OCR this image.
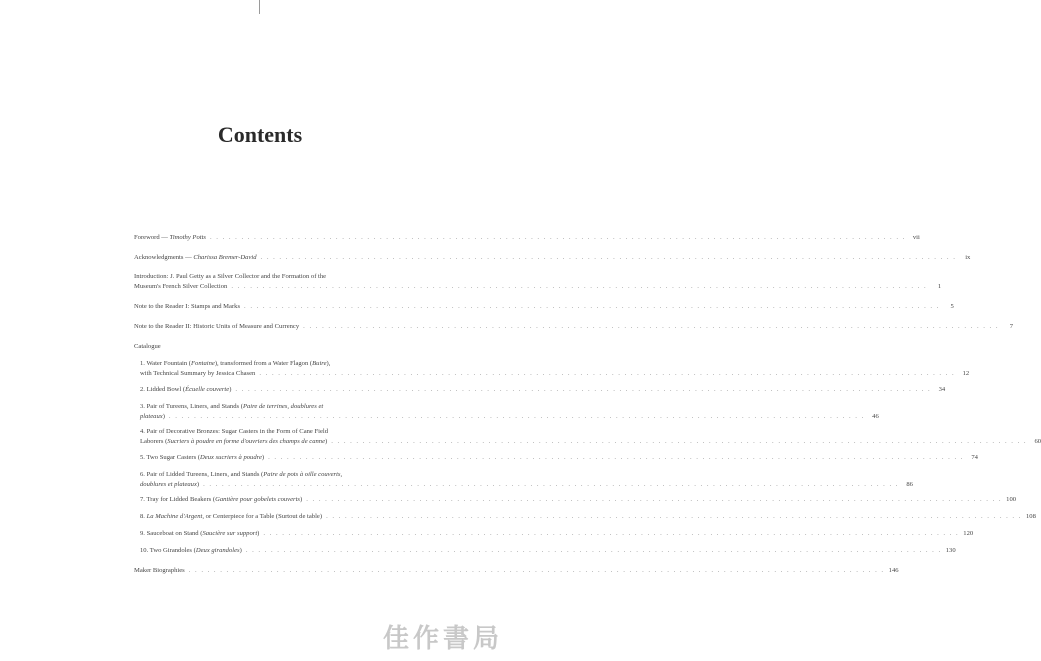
Contents
Foreword — Timothy Potts . . . . . . . . . . . . . . . . . . . . . . . . . . . . . . . . . . . . . . . . . . . . . . . . . . . . . . . . . . . . . . . . . . . . . . . . . . . . . . . . . . . . . . . . . . . . . . . . . . . . . . . . . . . . . . .	vii
Acknowledgments — Charissa Bremer-David . . . . . . . . . . . . . . . . . . . . . . . . . . . . . . . . . . . . . . . . . . . . . . . . . . . . . . . . . . . . . . . . . . . . . . . . . . . . . . . . . . . . . . . . . . . . . . . . . . . . . . . . . . . . . . .	ix
Introduction: J. Paul Getty as a Silver Collector and the Formation of the
Museum's French Silver Collection . . . . . . . . . . . . . . . . . . . . . . . . . . . . . . . . . . . . . . . . . . . . . . . . . . . . . . . . . . . . . . . . . . . . . . . . . . . . . . . . . . . . . . . . . . . . . . . . . . . . . . . . . . . . . . .	1
Note to the Reader I: Stamps and Marks . . . . . . . . . . . . . . . . . . . . . . . . . . . . . . . . . . . . . . . . . . . . . . . . . . . . . . . . . . . . . . . . . . . . . . . . . . . . . . . . . . . . . . . . . . . . . . . . . . . . . . . . . . . . . . .	5
Note to the Reader II: Historic Units of Measure and Currency . . . . . . . . . . . . . . . . . . . . . . . . . . . . . . . . . . . . . . . . . . . . . . . . . . . . . . . . . . . . . . . . . . . . . . . . . . . . . . . . . . . . . . . . . . . . . . . . . . . . . . . . . . . . . . .	7
Catalogue
1. Water Fountain (Fontaine), transformed from a Water Flagon (Buire),
with Technical Summary by Jessica Chasen . . . . . . . . . . . . . . . . . . . . . . . . . . . . . . . . . . . . . . . . . . . . . . . . . . . . . . . . . . . . . . . . . . . . . . . . . . . . . . . . . . . . . . . . . . . . . . . . . . . . . . . . . . . . . . .	12
2. Lidded Bowl (Écuelle couverte) . . . . . . . . . . . . . . . . . . . . . . . . . . . . . . . . . . . . . . . . . . . . . . . . . . . . . . . . . . . . . . . . . . . . . . . . . . . . . . . . . . . . . . . . . . . . . . . . . . . . . . . . . . . . . . .	34
3. Pair of Tureens, Liners, and Stands (Paire de terrines, doublures et
plateaux) . . . . . . . . . . . . . . . . . . . . . . . . . . . . . . . . . . . . . . . . . . . . . . . . . . . . . . . . . . . . . . . . . . . . . . . . . . . . . . . . . . . . . . . . . . . . . . . . . . . . . . . . . . . . . . .	46
4. Pair of Decorative Bronzes: Sugar Casters in the Form of Cane Field
Laborers (Sucriers à poudre en forme d'ouvriers des champs de canne) . . . . . . . . . . . . . . . . . . . . . . . . . . . . . . . . . . . . . . . . . . . . . . . . . . . . . . . . . . . . . . . . . . . . . . . . . . . . . . . . . . . . . . . . . . . . . . . . . . . . . . . . . . . . . . .	60
5. Two Sugar Casters (Deux sucriers à poudre) . . . . . . . . . . . . . . . . . . . . . . . . . . . . . . . . . . . . . . . . . . . . . . . . . . . . . . . . . . . . . . . . . . . . . . . . . . . . . . . . . . . . . . . . . . . . . . . . . . . . . . . . . . . . . . .	74
6. Pair of Lidded Tureens, Liners, and Stands (Paire de pots à oille couverts,
doublures et plateaux) . . . . . . . . . . . . . . . . . . . . . . . . . . . . . . . . . . . . . . . . . . . . . . . . . . . . . . . . . . . . . . . . . . . . . . . . . . . . . . . . . . . . . . . . . . . . . . . . . . . . . . . . . . . . . . .	86
7. Tray for Lidded Beakers (Gantière pour gobelets couverts) . . . . . . . . . . . . . . . . . . . . . . . . . . . . . . . . . . . . . . . . . . . . . . . . . . . . . . . . . . . . . . . . . . . . . . . . . . . . . . . . . . . . . . . . . . . . . . . . . . . . . . . . . . . . . . . 100
8. La Machine d'Argent, or Centerpiece for a Table (Surtout de table) . . . . . . . . . . . . . . . . . . . . . . . . . . . . . . . . . . . . . . . . . . . . . . . . . . . . . . . . . . . . . . . . . . . . . . . . . . . . . . . . . . . . . . . . . . . . . . . . . . . . . . . . . . . . . . . 108
9. Sauceboat on Stand (Saucière sur support) . . . . . . . . . . . . . . . . . . . . . . . . . . . . . . . . . . . . . . . . . . . . . . . . . . . . . . . . . . . . . . . . . . . . . . . . . . . . . . . . . . . . . . . . . . . . . . . . . . . . . . . . . . . . . . . 120
10. Two Girandoles (Deux girandoles) . . . . . . . . . . . . . . . . . . . . . . . . . . . . . . . . . . . . . . . . . . . . . . . . . . . . . . . . . . . . . . . . . . . . . . . . . . . . . . . . . . . . . . . . . . . . . . . . . . . . . . . . . . . . . . . 130
Maker Biographies . . . . . . . . . . . . . . . . . . . . . . . . . . . . . . . . . . . . . . . . . . . . . . . . . . . . . . . . . . . . . . . . . . . . . . . . . . . . . . . . . . . . . . . . . . . . . . . . . . . . . . . . . . . . . . . 146
佳作書局
